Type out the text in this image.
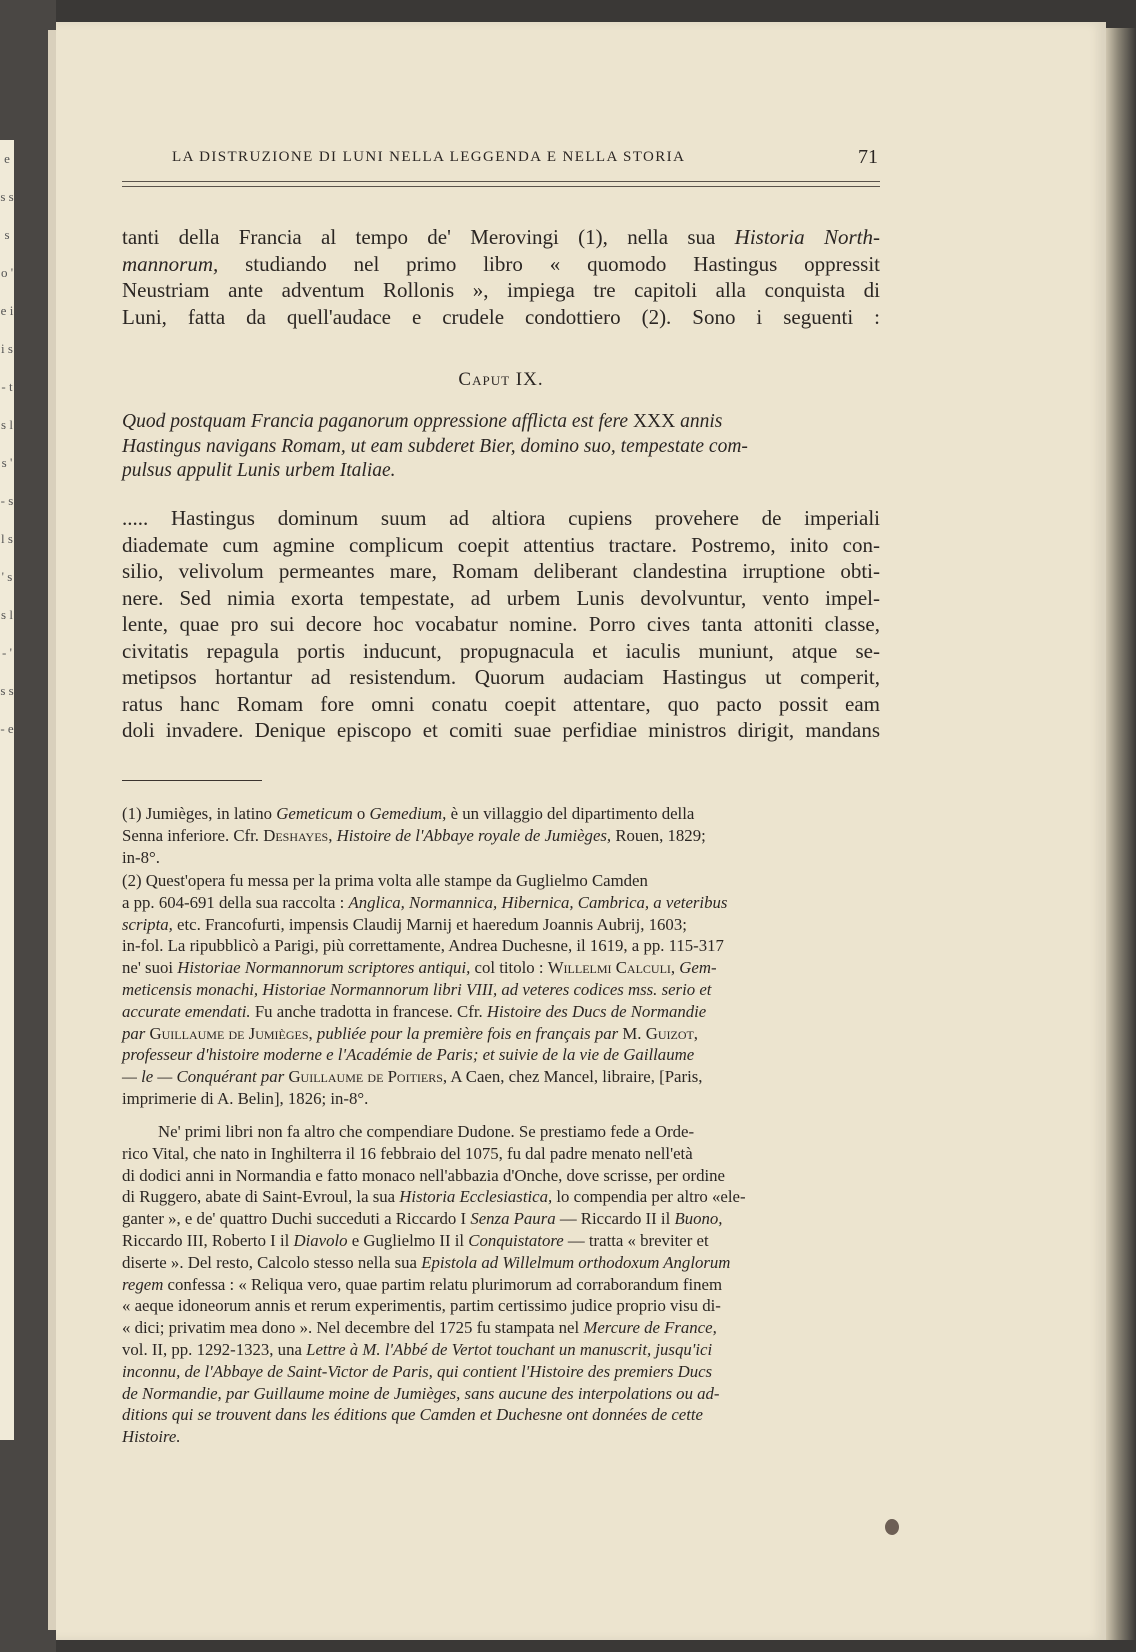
e s s s o ' e i i s - t s l s ' - s l s ' s s l - ' s s - e
LA DISTRUZIONE DI LUNI NELLA LEGGENDA E NELLA STORIA	71

tanti della Francia al tempo de' Merovingi (1), nella sua Historia North-
mannorum, studiando nel primo libro « quomodo Hastingus oppressit
Neustriam ante adventum Rollonis », impiega tre capitoli alla conquista di
Luni, fatta da quell'audace e crudele condottiero (2). Sono i seguenti :

Caput IX.

Quod postquam Francia paganorum oppressione afflicta est fere XXX annis
Hastingus navigans Romam, ut eam subderet Bier, domino suo, tempestate com-
pulsus appulit Lunis urbem Italiae.

..... Hastingus dominum suum ad altiora cupiens provehere de imperiali
diademate cum agmine complicum coepit attentius tractare. Postremo, inito con-
silio, velivolum permeantes mare, Romam deliberant clandestina irruptione obti-
nere. Sed nimia exorta tempestate, ad urbem Lunis devolvuntur, vento impel-
lente, quae pro sui decore hoc vocabatur nomine. Porro cives tanta attoniti classe,
civitatis repagula portis inducunt, propugnacula et iaculis muniunt, atque se-
metipsos hortantur ad resistendum. Quorum audaciam Hastingus ut comperit,
ratus hanc Romam fore omni conatu coepit attentare, quo pacto possit eam
doli invadere. Denique episcopo et comiti suae perfidiae ministros dirigit, mandans

(1) Jumièges, in latino Gemeticum o Gemedium, è un villaggio del dipartimento della
Senna inferiore. Cfr. Deshayes, Histoire de l'Abbaye royale de Jumièges, Rouen, 1829;
in-8°.

(2) Quest'opera fu messa per la prima volta alle stampe da Guglielmo Camden
a pp. 604-691 della sua raccolta : Anglica, Normannica, Hibernica, Cambrica, a veteribus
scripta, etc. Francofurti, impensis Claudij Marnij et haeredum Joannis Aubrij, 1603;
in-fol. La ripubblicò a Parigi, più correttamente, Andrea Duchesne, il 1619, a pp. 115-317
ne' suoi Historiae Normannorum scriptores antiqui, col titolo : Willelmi Calculi, Gem-
meticensis monachi, Historiae Normannorum libri VIII, ad veteres codices mss. serio et
accurate emendati. Fu anche tradotta in francese. Cfr. Histoire des Ducs de Normandie
par Guillaume de Jumièges, publiée pour la première fois en français par M. Guizot,
professeur d'histoire moderne e l'Académie de Paris; et suivie de la vie de Gaillaume
— le — Conquérant par Guillaume de Poitiers, A Caen, chez Mancel, libraire, [Paris,
imprimerie di A. Belin], 1826; in-8°.

Ne' primi libri non fa altro che compendiare Dudone. Se prestiamo fede a Orde-
rico Vital, che nato in Inghilterra il 16 febbraio del 1075, fu dal padre menato nell'età
di dodici anni in Normandia e fatto monaco nell'abbazia d'Onche, dove scrisse, per ordine
di Ruggero, abate di Saint-Evroul, la sua Historia Ecclesiastica, lo compendia per altro «ele-
ganter », e de' quattro Duchi succeduti a Riccardo I Senza Paura — Riccardo II il Buono,
Riccardo III, Roberto I il Diavolo e Guglielmo II il Conquistatore — tratta « breviter et
diserte ». Del resto, Calcolo stesso nella sua Epistola ad Willelmum orthodoxum Anglorum
regem confessa : « Reliqua vero, quae partim relatu plurimorum ad corraborandum finem
« aeque idoneorum annis et rerum experimentis, partim certissimo judice proprio visu di-
« dici; privatim mea dono ». Nel decembre del 1725 fu stampata nel Mercure de France,
vol. II, pp. 1292-1323, una Lettre à M. l'Abbé de Vertot touchant un manuscrit, jusqu'ici
inconnu, de l'Abbaye de Saint-Victor de Paris, qui contient l'Histoire des premiers Ducs
de Normandie, par Guillaume moine de Jumièges, sans aucune des interpolations ou ad-
ditions qui se trouvent dans les éditions que Camden et Duchesne ont données de cette
Histoire.
